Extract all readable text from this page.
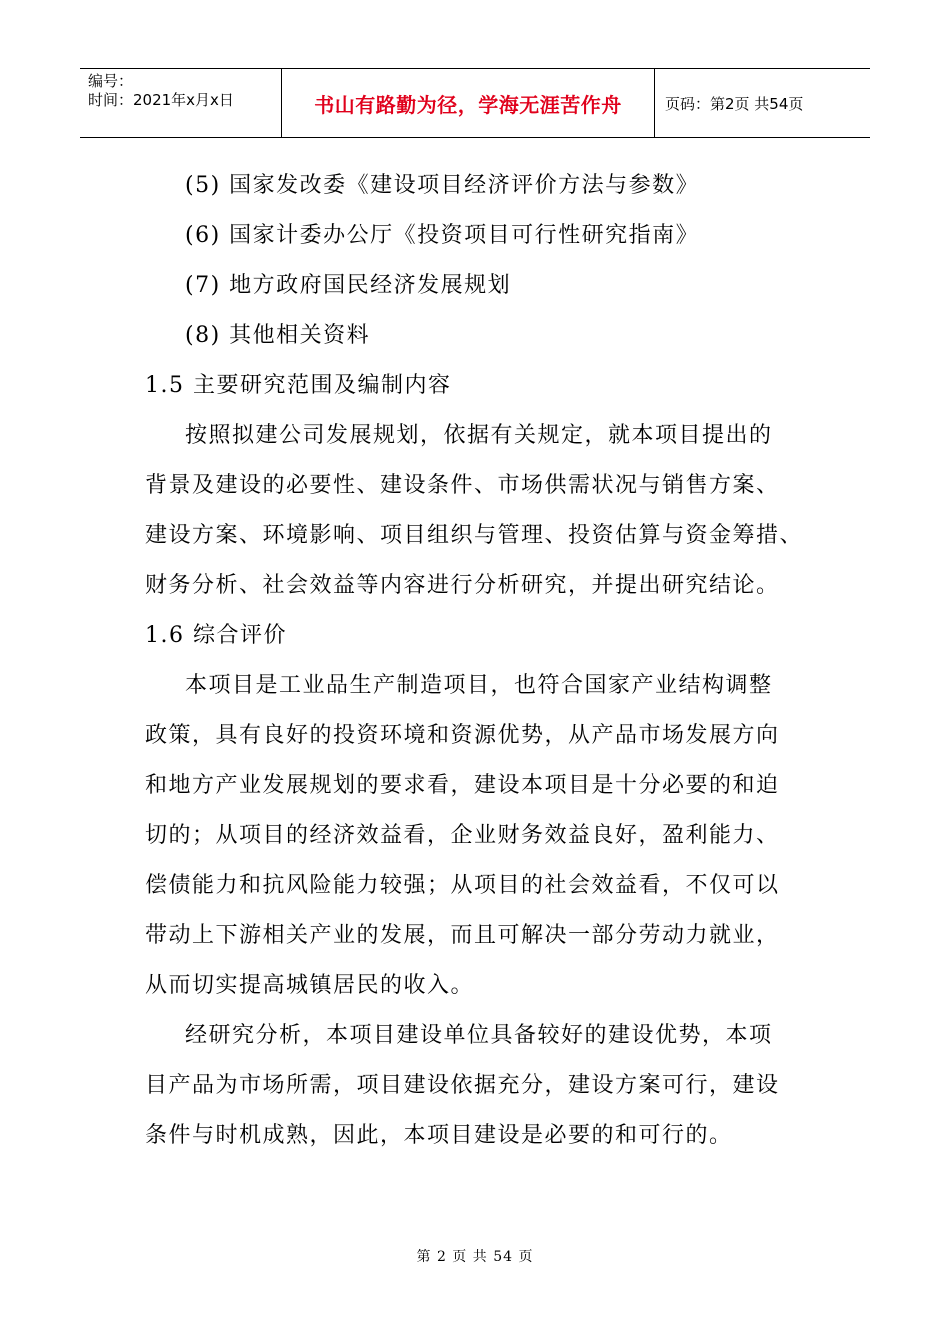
编号：
时间：2021年x月x日	书山有路勤为径，学海无涯苦作舟	页码：第2页 共54页
(5) 国家发改委《建设项目经济评价方法与参数》
(6) 国家计委办公厅《投资项目可行性研究指南》
(7) 地方政府国民经济发展规划
(8) 其他相关资料
1.5 主要研究范围及编制内容
按照拟建公司发展规划，依据有关规定，就本项目提出的
背景及建设的必要性、建设条件、市场供需状况与销售方案、
建设方案、环境影响、项目组织与管理、投资估算与资金筹措、
财务分析、社会效益等内容进行分析研究，并提出研究结论。
1.6 综合评价
本项目是工业品生产制造项目，也符合国家产业结构调整
政策，具有良好的投资环境和资源优势，从产品市场发展方向
和地方产业发展规划的要求看，建设本项目是十分必要的和迫
切的；从项目的经济效益看，企业财务效益良好，盈利能力、
偿债能力和抗风险能力较强；从项目的社会效益看，不仅可以
带动上下游相关产业的发展，而且可解决一部分劳动力就业，
从而切实提高城镇居民的收入。
经研究分析，本项目建设单位具备较好的建设优势，本项
目产品为市场所需，项目建设依据充分，建设方案可行，建设
条件与时机成熟，因此，本项目建设是必要的和可行的。
第 2 页 共 54 页
